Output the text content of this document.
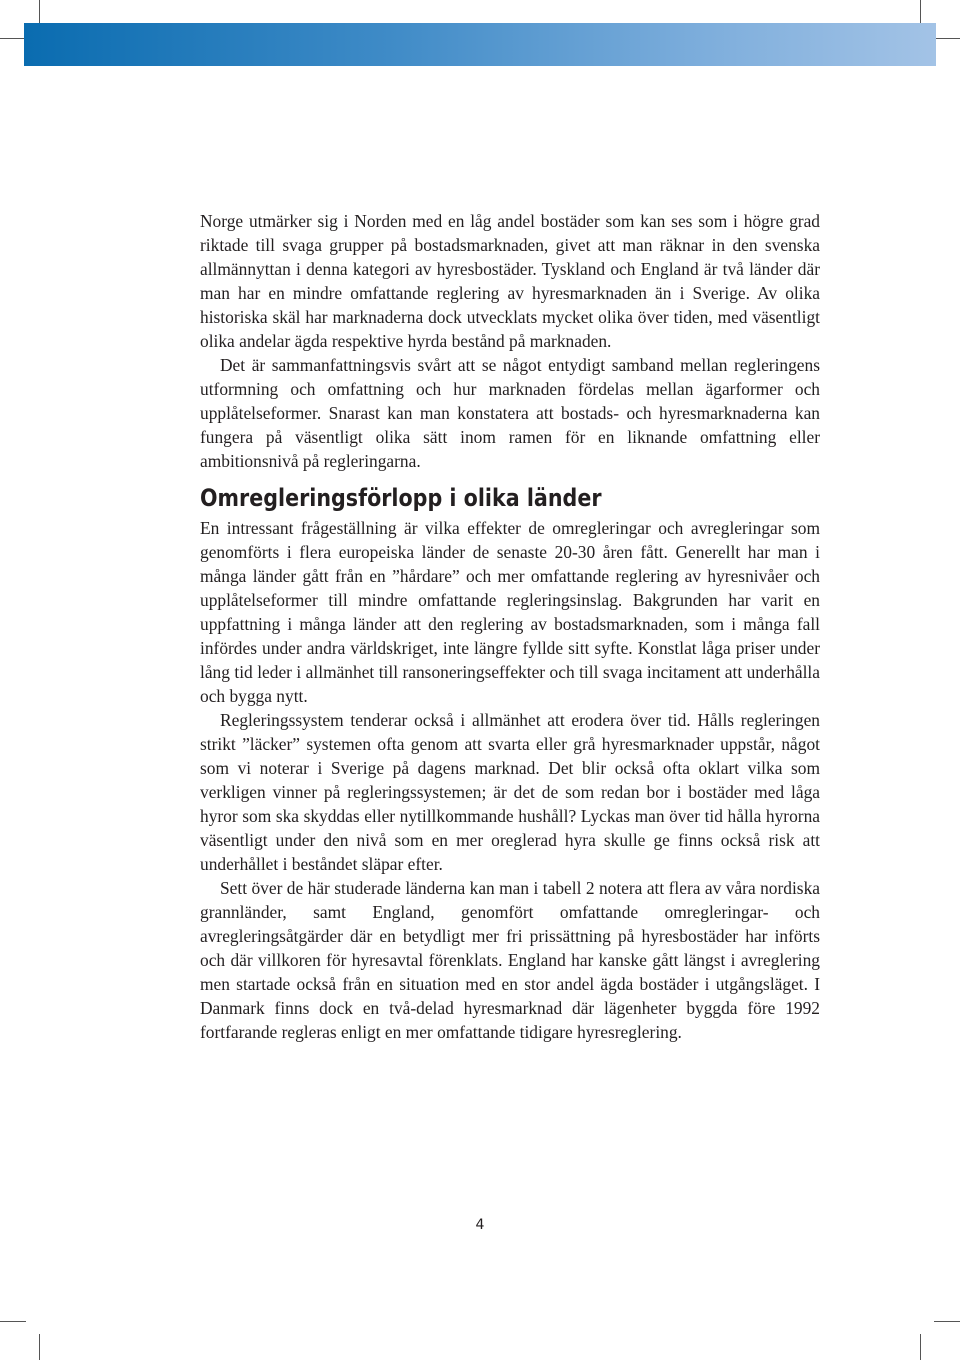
Norge utmärker sig i Norden med en låg andel bostäder som kan ses som i högre grad riktade till svaga grupper på bostadsmarknaden, givet att man räknar in den svenska allmännyttan i denna kategori av hyresbostäder. Tyskland och England är två länder där man har en mindre omfattande reglering av hyresmarknaden än i Sverige. Av olika historiska skäl har marknaderna dock utvecklats mycket olika över tiden, med väsentligt olika andelar ägda respektive hyrda bestånd på marknaden.

Det är sammanfattningsvis svårt att se något entydigt samband mellan regleringens utformning och omfattning och hur marknaden fördelas mellan ägarformer och upplåtelseformer. Snarast kan man konstatera att bostads- och hyresmarknaderna kan fungera på väsentligt olika sätt inom ramen för en liknande omfattning eller ambitionsnivå på regleringarna.

Omregleringsförlopp i olika länder

En intressant frågeställning är vilka effekter de omregleringar och avregleringar som genomförts i flera europeiska länder de senaste 20-30 åren fått. Generellt har man i många länder gått från en ”hårdare” och mer omfattande reglering av hyresnivåer och upplåtelseformer till mindre omfattande regleringsinslag. Bakgrunden har varit en uppfattning i många länder att den reglering av bostadsmarknaden, som i många fall infördes under andra världskriget, inte längre fyllde sitt syfte. Konstlat låga priser under lång tid leder i allmänhet till ransoneringseffekter och till svaga incitament att underhålla och bygga nytt.

Regleringssystem tenderar också i allmänhet att erodera över tid. Hålls regleringen strikt ”läcker” systemen ofta genom att svarta eller grå hyresmarknader uppstår, något som vi noterar i Sverige på dagens marknad. Det blir också ofta oklart vilka som verkligen vinner på regleringssystemen; är det de som redan bor i bostäder med låga hyror som ska skyddas eller nytillkommande hushåll? Lyckas man över tid hålla hyrorna väsentligt under den nivå som en mer oreglerad hyra skulle ge finns också risk att underhållet i beståndet släpar efter.

Sett över de här studerade länderna kan man i tabell 2 notera att flera av våra nordiska grannländer, samt England, genomfört omfattande omregleringar- och avregleringsåtgärder där en betydligt mer fri prissättning på hyresbostäder har införts och där villkoren för hyresavtal förenklats. England har kanske gått längst i avreglering men startade också från en situation med en stor andel ägda bostäder i utgångsläget. I Danmark finns dock en två-delad hyresmarknad där lägenheter byggda före 1992 fortfarande regleras enligt en mer omfattande tidigare hyresreglering.

4
